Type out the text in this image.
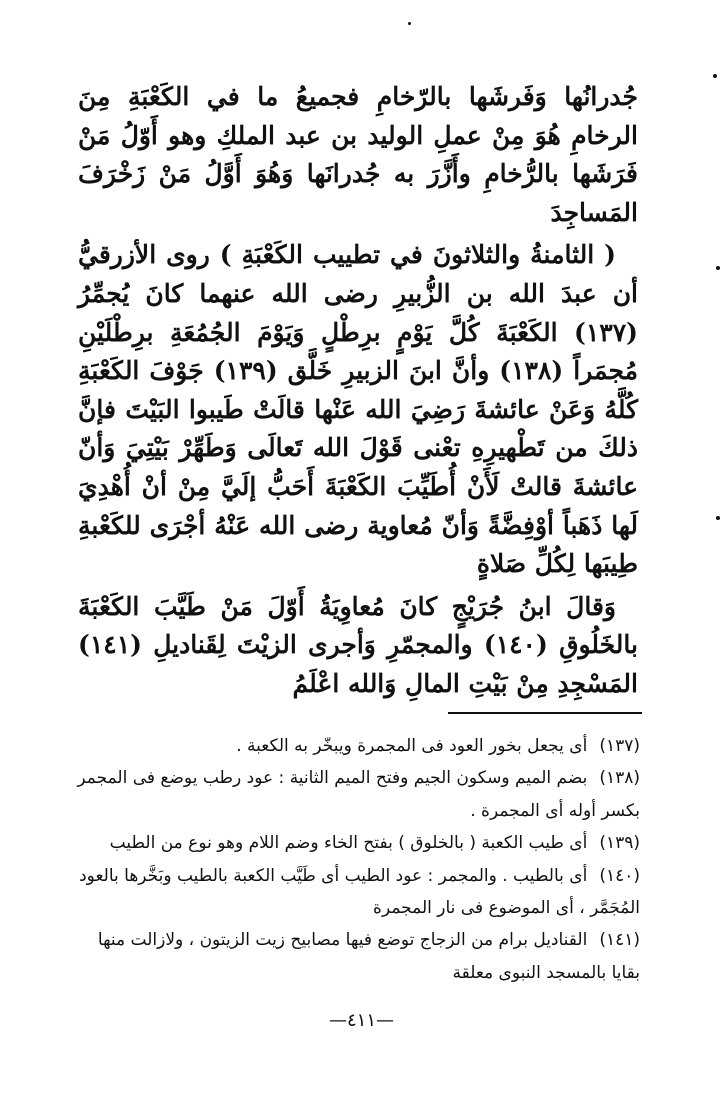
جُدرانُها وَفَرشَها بالرّخامِ فجميعُ ما في الكَعْبَةِ مِنَ الرخامِ هُوَ مِنْ عملِ الوليد بن عبد الملكِ وهو أَوّلُ مَنْ فَرَشَها بالرُّخامِ وأَزَّرَ به جُدرانَها وَهُوَ أَوَّلُ مَنْ زَخْرَفَ المَساجِدَ

( الثامنةُ والثلاثونَ في تطييب الكَعْبَةِ ) روى الأزرقيُّ أن عبدَ الله بن الزُّبيرِ رضى الله عنهما كانَ يُجمِّرُ (١٣٧) الكَعْبَةَ كُلَّ يَوْمٍ برِطْلٍ وَيَوْمَ الجُمُعَةِ برِطْلَيْنِ مُجمَراً (١٣٨) وأنَّ ابنَ الزبيرِ خَلَّق (١٣٩) جَوْفَ الكَعْبَةِ كُلَّهُ وَعَنْ عائشةَ رَضِيَ الله عَنْها قالَتْ طَيبوا البَيْتَ فإنَّ ذلكَ من تَطْهيرِهِ تعْنى قَوْلَ الله تَعالَى وَطَهِّرْ بَيْتِيَ وَأنّ عائشةَ قالتْ لَأَنْ أُطَيِّبَ الكَعْبَةَ أَحَبُّ إلَيَّ مِنْ أنْ أُهْدِيَ لَها ذَهَباً أوْفِضَّةً وَأنّ مُعاوية رضى الله عَنْهُ أجْرَى للكَعْبةِ طِيبَها لِكُلِّ صَلاةٍ

وَقالَ ابنُ جُرَيْجٍ كانَ مُعاوِيَةُ أَوّلَ مَنْ طَيَّبَ الكَعْبَةَ بالخَلُوقِ (١٤٠) والمجمّرِ وَأجرى الزيْتَ لِقَناديلِ (١٤١) المَسْجِدِ مِنْ بَيْتِ المالِ وَالله اعْلَمُ

(١٣٧)أى يجعل بخور العود فى المجمرة ويبخّر به الكعبة .

(١٣٨)بضم الميم وسكون الجيم وفتح الميم الثانية : عود رطب يوضع فى المجمر بكسر أوله أى المجمرة .

(١٣٩)أى طيب الكعبة ( بالخلوق ) بفتح الخاء وضم اللام وهو نوع من الطيب

(١٤٠)أى بالطيب . والمجمر : عود الطيب أى طَيَّب الكعبة بالطيب وبَخَّرها بالعود المُجَمَّر ، أى الموضوع فى نار المجمرة

(١٤١)القناديل برام من الزجاج توضع فيها مصابيح زيت الزيتون ، ولازالت منها بقايا بالمسجد النبوى معلقة

—٤١١—
